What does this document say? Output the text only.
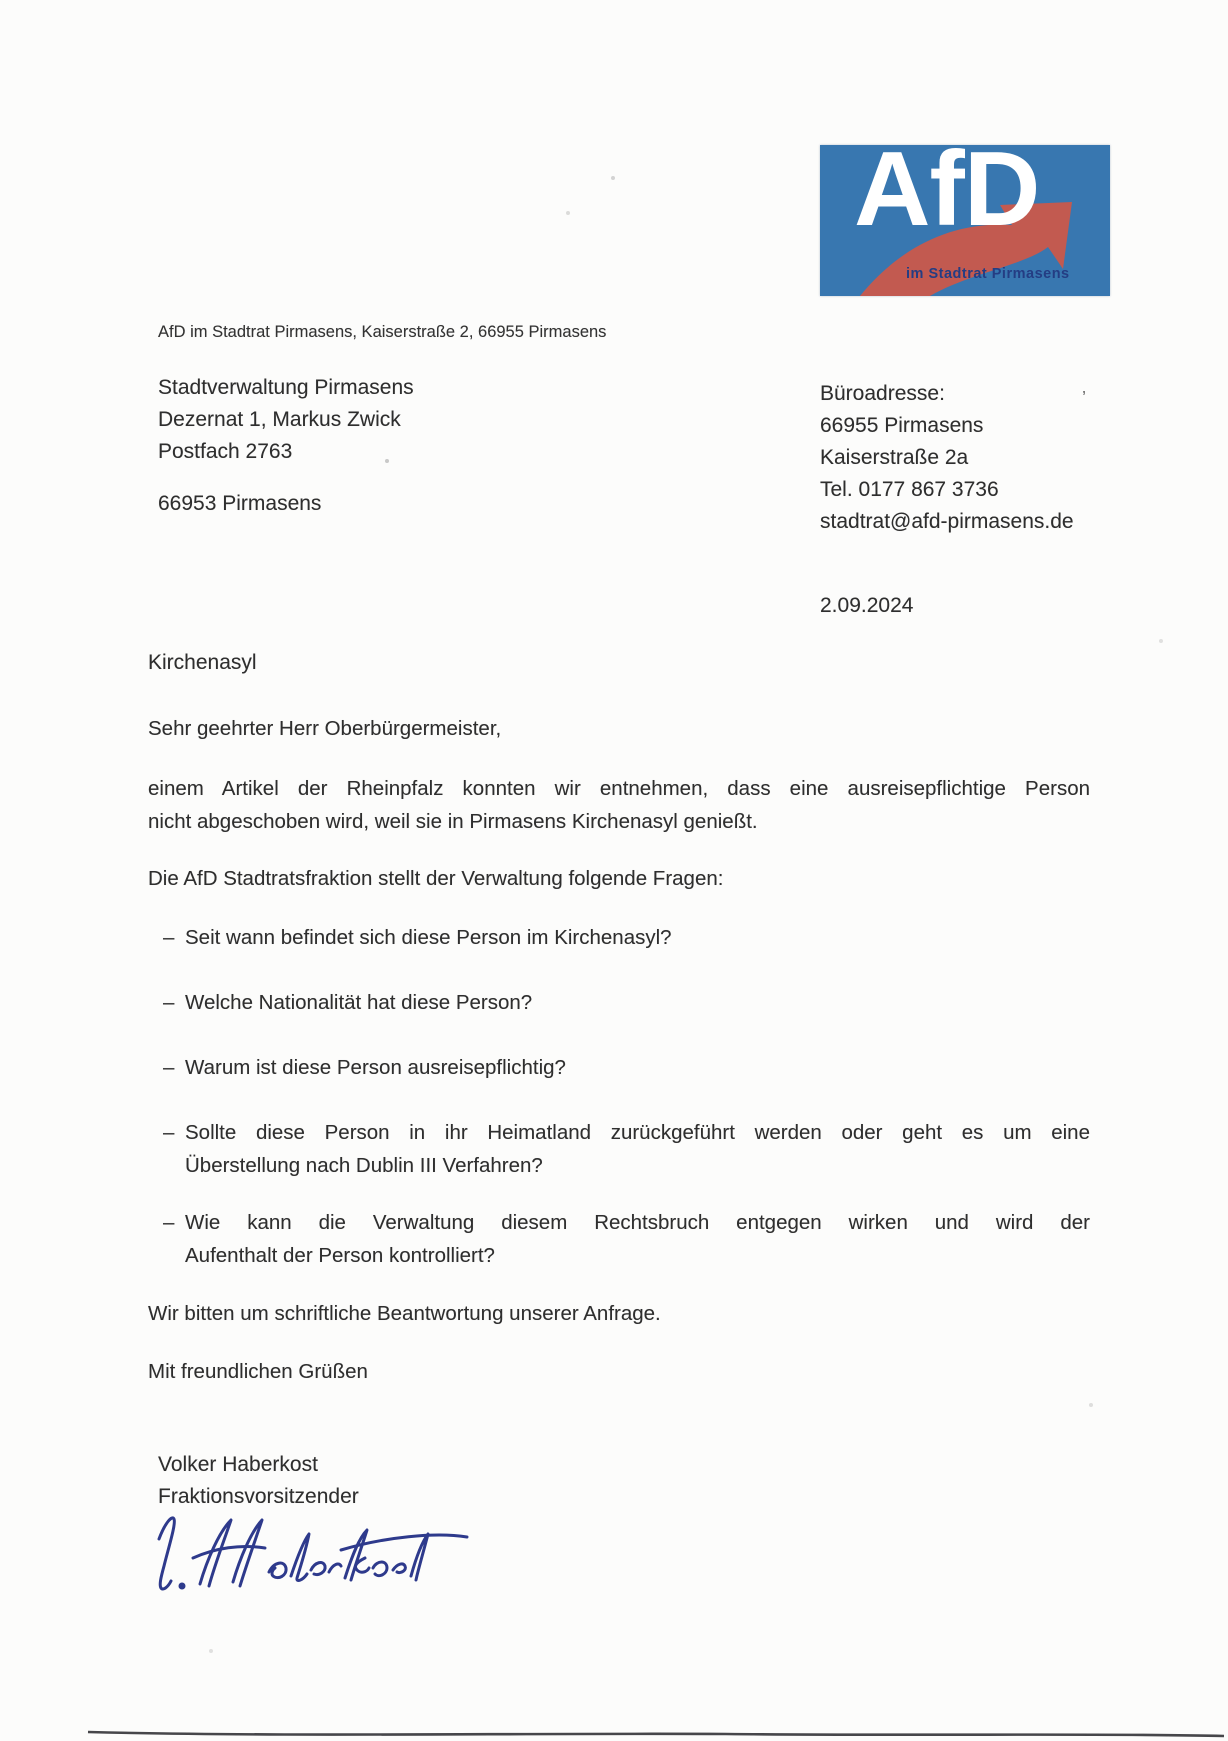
AfD
im Stadtrat Pirmasens
AfD im Stadtrat Pirmasens, Kaiserstraße 2, 66955 Pirmasens
Stadtverwaltung Pirmasens
Dezernat 1, Markus Zwick
Postfach 2763
66953 Pirmasens
Büroadresse:
66955 Pirmasens
Kaiserstraße 2a
Tel. 0177 867 3736
stadtrat@afd-pirmasens.de
2.09.2024
Kirchenasyl
Sehr geehrter Herr Oberbürgermeister,
einem Artikel der Rheinpfalz konnten wir entnehmen, dass eine ausreisepflichtige Person
nicht abgeschoben wird, weil sie in Pirmasens Kirchenasyl genießt.
Die AfD Stadtratsfraktion stellt der Verwaltung folgende Fragen:
– Seit wann befindet sich diese Person im Kirchenasyl?
– Welche Nationalität hat diese Person?
– Warum ist diese Person ausreisepflichtig?
– Sollte diese Person in ihr Heimatland zurückgeführt werden oder geht es um eine
Überstellung nach Dublin III Verfahren?
– Wie kann die Verwaltung diesem Rechtsbruch entgegen wirken und wird der
Aufenthalt der Person kontrolliert?
Wir bitten um schriftliche Beantwortung unserer Anfrage.
Mit freundlichen Grüßen
Volker Haberkost
Fraktionsvorsitzender
’
